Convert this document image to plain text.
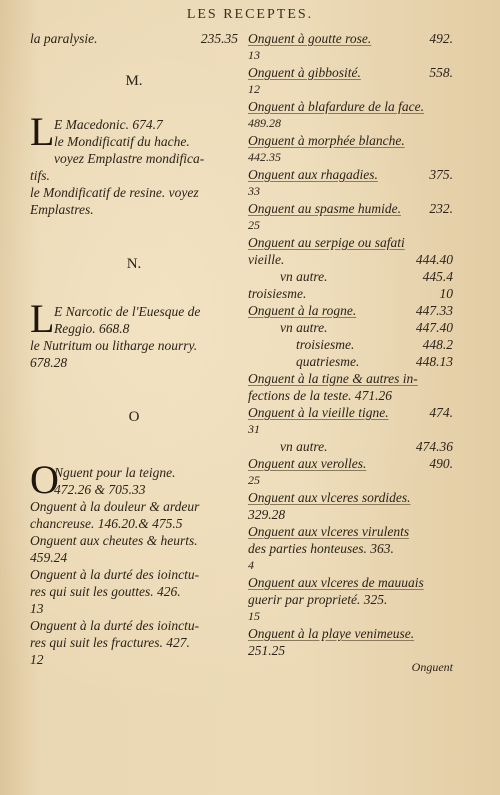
LES RECEPTES.
la paralysie.	235.35
M.
L E Macedonic. 674.7
le Mondificatif du hache.
voyez Emplastre mondifica-
tifs.
le Mondificatif de resine. voyez
Emplastres.
N.
L E Narcotic de l'Euesque de
Reggio. 668.8
le Nutritum ou litharge nourry.
678.28
O
O
Nguent pour la teigne.
472.26 & 705.33
Onguent à la douleur & ardeur
chancreuse. 146.20.& 475.5
Onguent aux cheutes & heurts.
459.24
Onguent à la durté des ioinctu-
res qui suit les gouttes. 426.
13
Onguent à la durté des ioinctu-
res qui suit les fractures. 427.
12
Onguent à goutte rose.	492.
13
Onguent à gibbosité.	558.
12
Onguent à blafardure de la face.
489.28
Onguent à morphée blanche.
442.35
Onguent aux rhagadies.	375.
33
Onguent au spasme humide. 232.
25
Onguent au serpige ou safati
vieille.	444.40
vn autre.	445.4
troisiesme.	10
Onguent à la rogne.	447.33
vn autre.	447.40
troisiesme.	448.2
quatriesme.	448.13
Onguent à la tigne & autres in-
fections de la teste. 471.26
Onguent à la vieille tigne.	474.
31
vn autre.	474.36
Onguent aux verolles.	490.
25
Onguent aux vlceres sordides.
329.28
Onguent aux vlceres virulents
des parties honteuses. 363.
4
Onguent aux vlceres de mauuais
guerir par proprieté. 325.
15
Onguent à la playe venimeuse.
251.25
Onguent
